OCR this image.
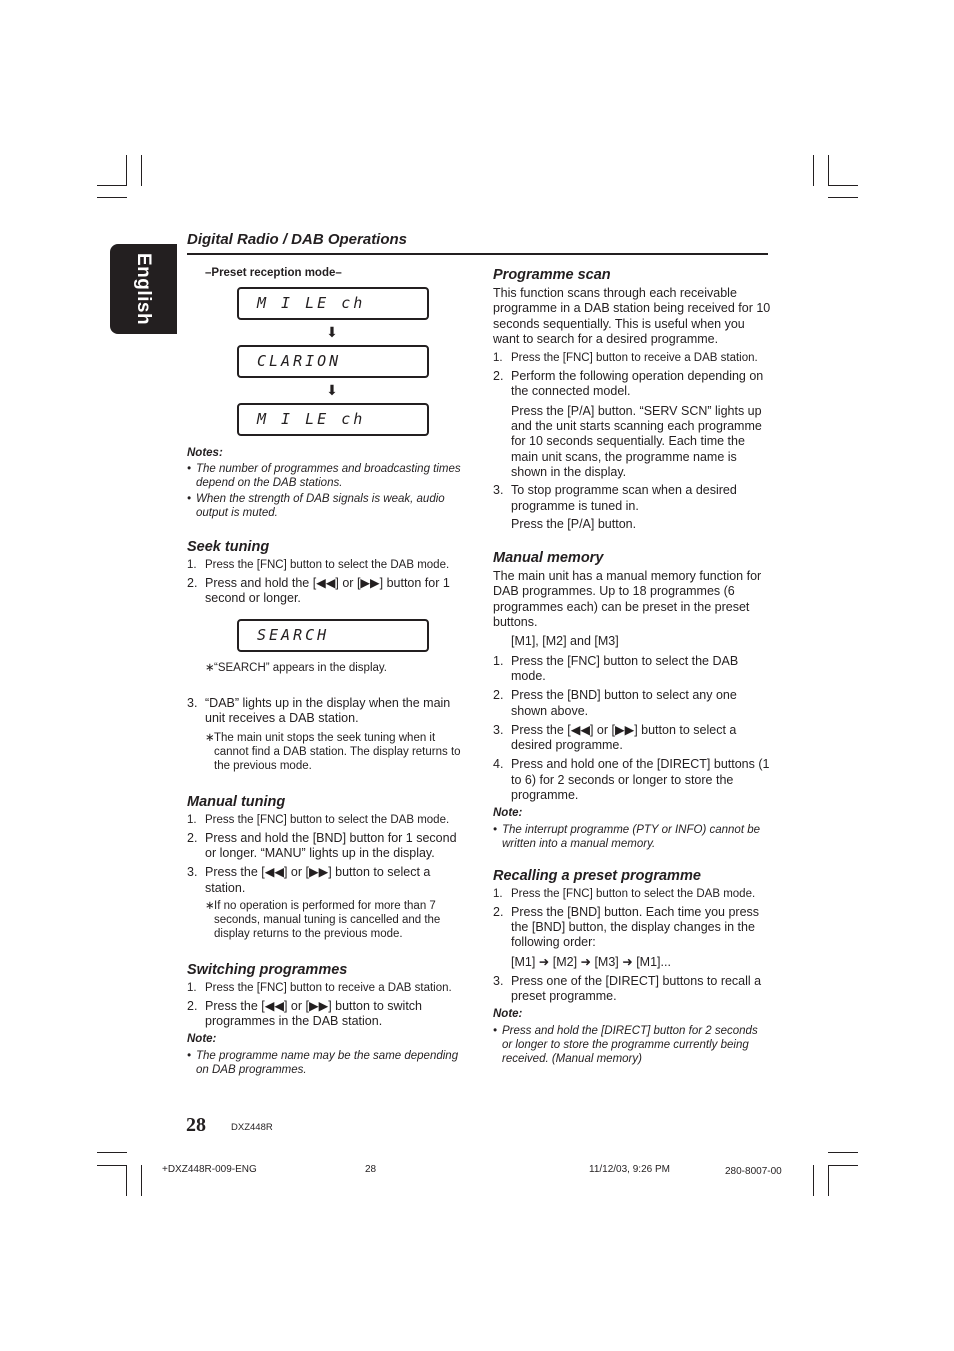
English
Digital Radio / DAB Operations

–Preset reception mode–

M I LE ch
⬇
CLARION
⬇
M I LE ch

Notes:

• The number of programmes and broadcasting times depend on the DAB stations.
• When the strength of DAB signals is weak, audio output is muted.
Seek tuning
1. Press the [FNC] button to select the DAB mode.
2. Press and hold the [◀◀] or [▶▶] button for 1 second or longer.
SEARCH
∗ “SEARCH” appears in the display.
3. “DAB” lights up in the display when the main unit receives a DAB station.
∗ The main unit stops the seek tuning when it cannot find a DAB station. The display returns to the previous mode.
Manual tuning
1. Press the [FNC] button to select the DAB mode.
2. Press and hold the [BND] button for 1 second or longer. “MANU” lights up in the display.
3. Press the [◀◀] or [▶▶] button to select a station.
∗ If no operation is performed for more than 7 seconds, manual tuning is cancelled and the display returns to the previous mode.
Switching programmes
1. Press the [FNC] button to receive a DAB station.
2. Press the [◀◀] or [▶▶] button to switch programmes in the DAB station.

Note:

• The programme name may be the same depending on DAB programmes.
Programme scan

This function scans through each receivable programme in a DAB station being received for 10 seconds sequentially. This is useful when you want to search for a desired programme.

1. Press the [FNC] button to receive a DAB station.
2. Perform the following operation depending on the connected model.

Press the [P/A] button. “SERV SCN” lights up and the unit starts scanning each programme for 10 seconds sequentially. Each time the main unit scans, the programme name is shown in the display.

3. To stop programme scan when a desired programme is tuned in.

Press the [P/A] button.

Manual memory

The main unit has a manual memory function for DAB programmes. Up to 18 programmes (6 programmes each) can be preset in the preset buttons.

[M1], [M2] and [M3]

1. Press the [FNC] button to select the DAB mode.
2. Press the [BND] button to select any one shown above.
3. Press the [◀◀] or [▶▶] button to select a desired programme.
4. Press and hold one of the [DIRECT] buttons (1 to 6) for 2 seconds or longer to store the programme.

Note:

• The interrupt programme (PTY or INFO) cannot be written into a manual memory.
Recalling a preset programme
1. Press the [FNC] button to select the DAB mode.
2. Press the [BND] button. Each time you press the [BND] button, the display changes in the following order:

[M1] ➜ [M2] ➜ [M3] ➜ [M1]...

3. Press one of the [DIRECT] buttons to recall a preset programme.

Note:

• Press and hold the [DIRECT] button for 2 seconds or longer to store the programme currently being received. (Manual memory)
28	DXZ448R
+DXZ448R-009-ENG	28	11/12/03, 9:26 PM	280-8007-00
